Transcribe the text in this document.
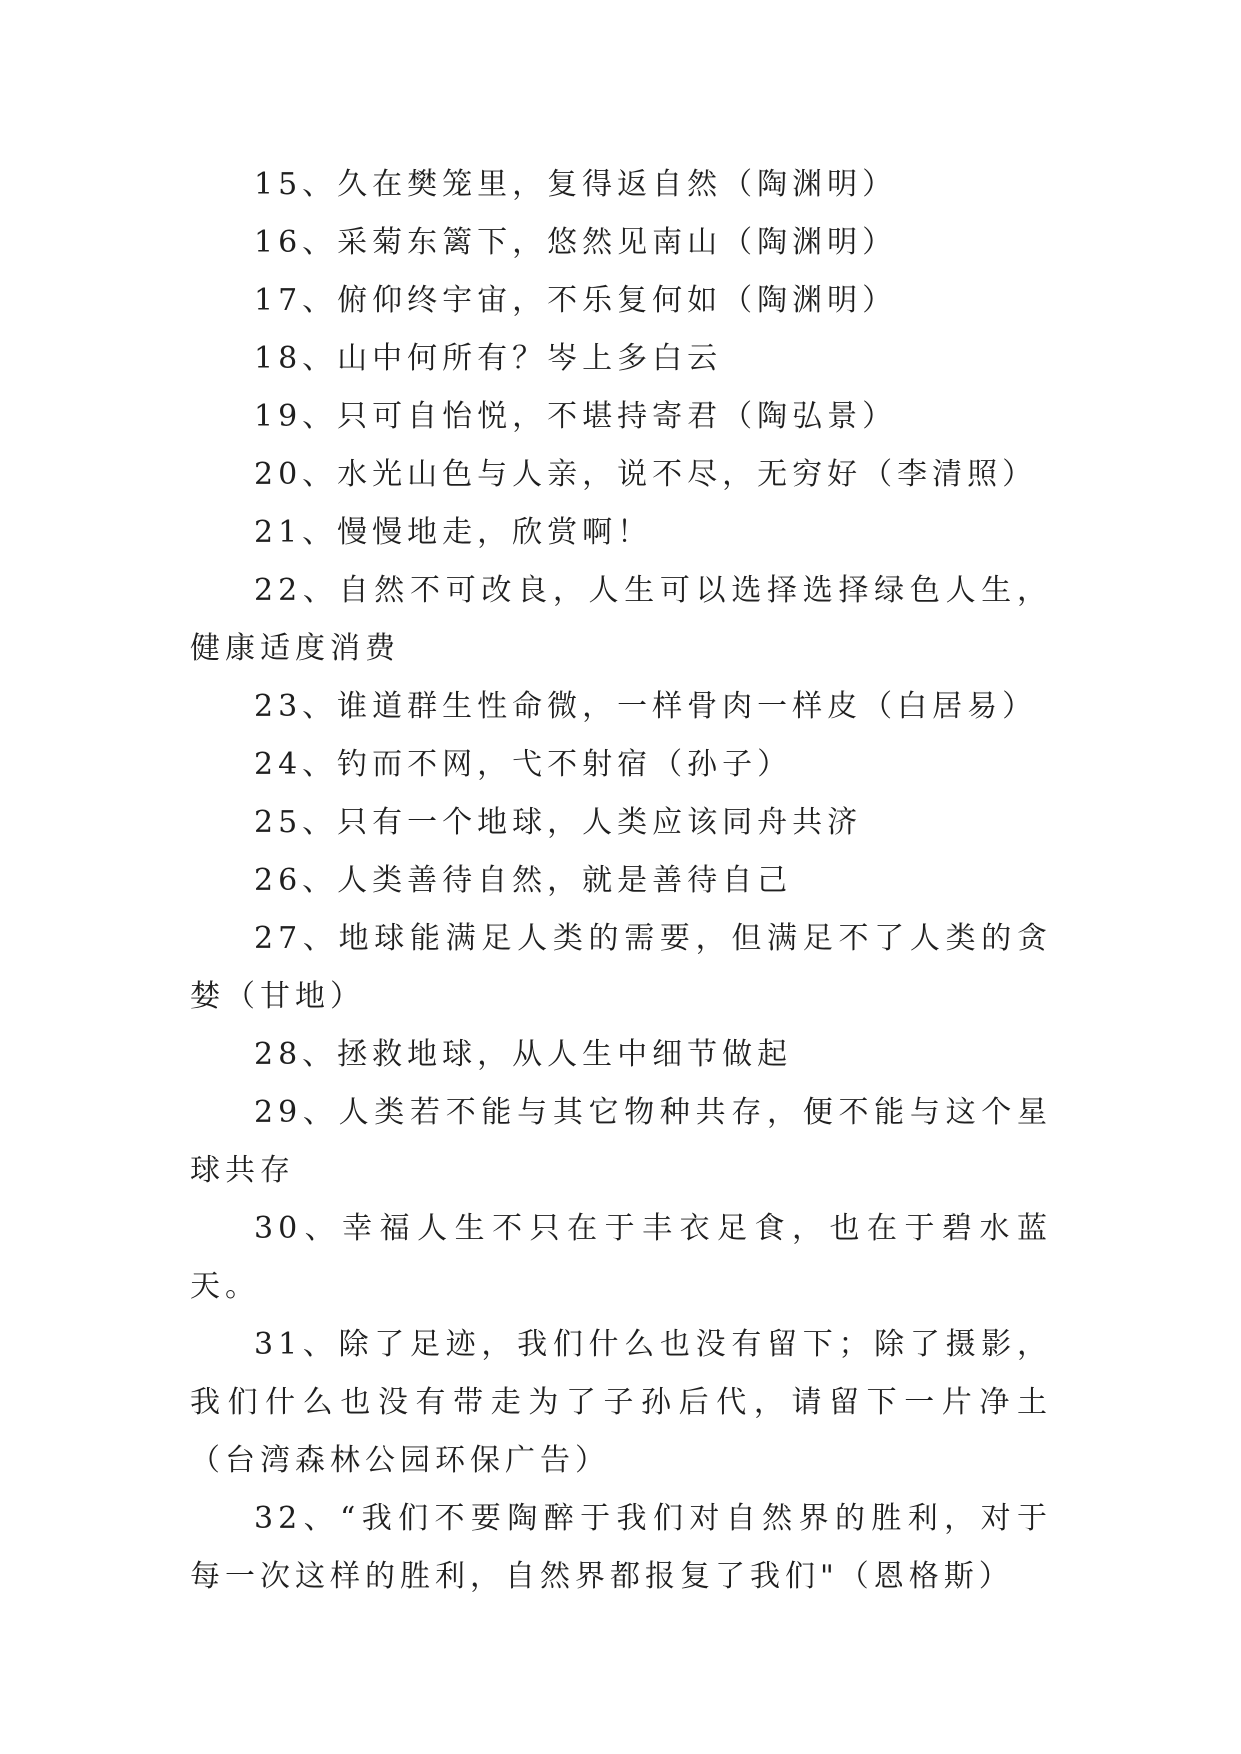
15、久在樊笼里，复得返自然（陶渊明）

16、采菊东篱下，悠然见南山（陶渊明）

17、俯仰终宇宙，不乐复何如（陶渊明）

18、山中何所有？岑上多白云

19、只可自怡悦，不堪持寄君（陶弘景）

20、水光山色与人亲，说不尽，无穷好（李清照）

21、慢慢地走，欣赏啊！

22、自然不可改良，人生可以选择选择绿色人生，健康适度消费

23、谁道群生性命微，一样骨肉一样皮（白居易）

24、钓而不网，弋不射宿（孙子）

25、只有一个地球，人类应该同舟共济

26、人类善待自然，就是善待自己

27、地球能满足人类的需要，但满足不了人类的贪婪（甘地）

28、拯救地球，从人生中细节做起

29、人类若不能与其它物种共存，便不能与这个星球共存

30、幸福人生不只在于丰衣足食，也在于碧水蓝天。

31、除了足迹，我们什么也没有留下；除了摄影，我们什么也没有带走为了子孙后代，请留下一片净土（台湾森林公园环保广告）

32、“我们不要陶醉于我们对自然界的胜利，对于每一次这样的胜利，自然界都报复了我们"（恩格斯）
